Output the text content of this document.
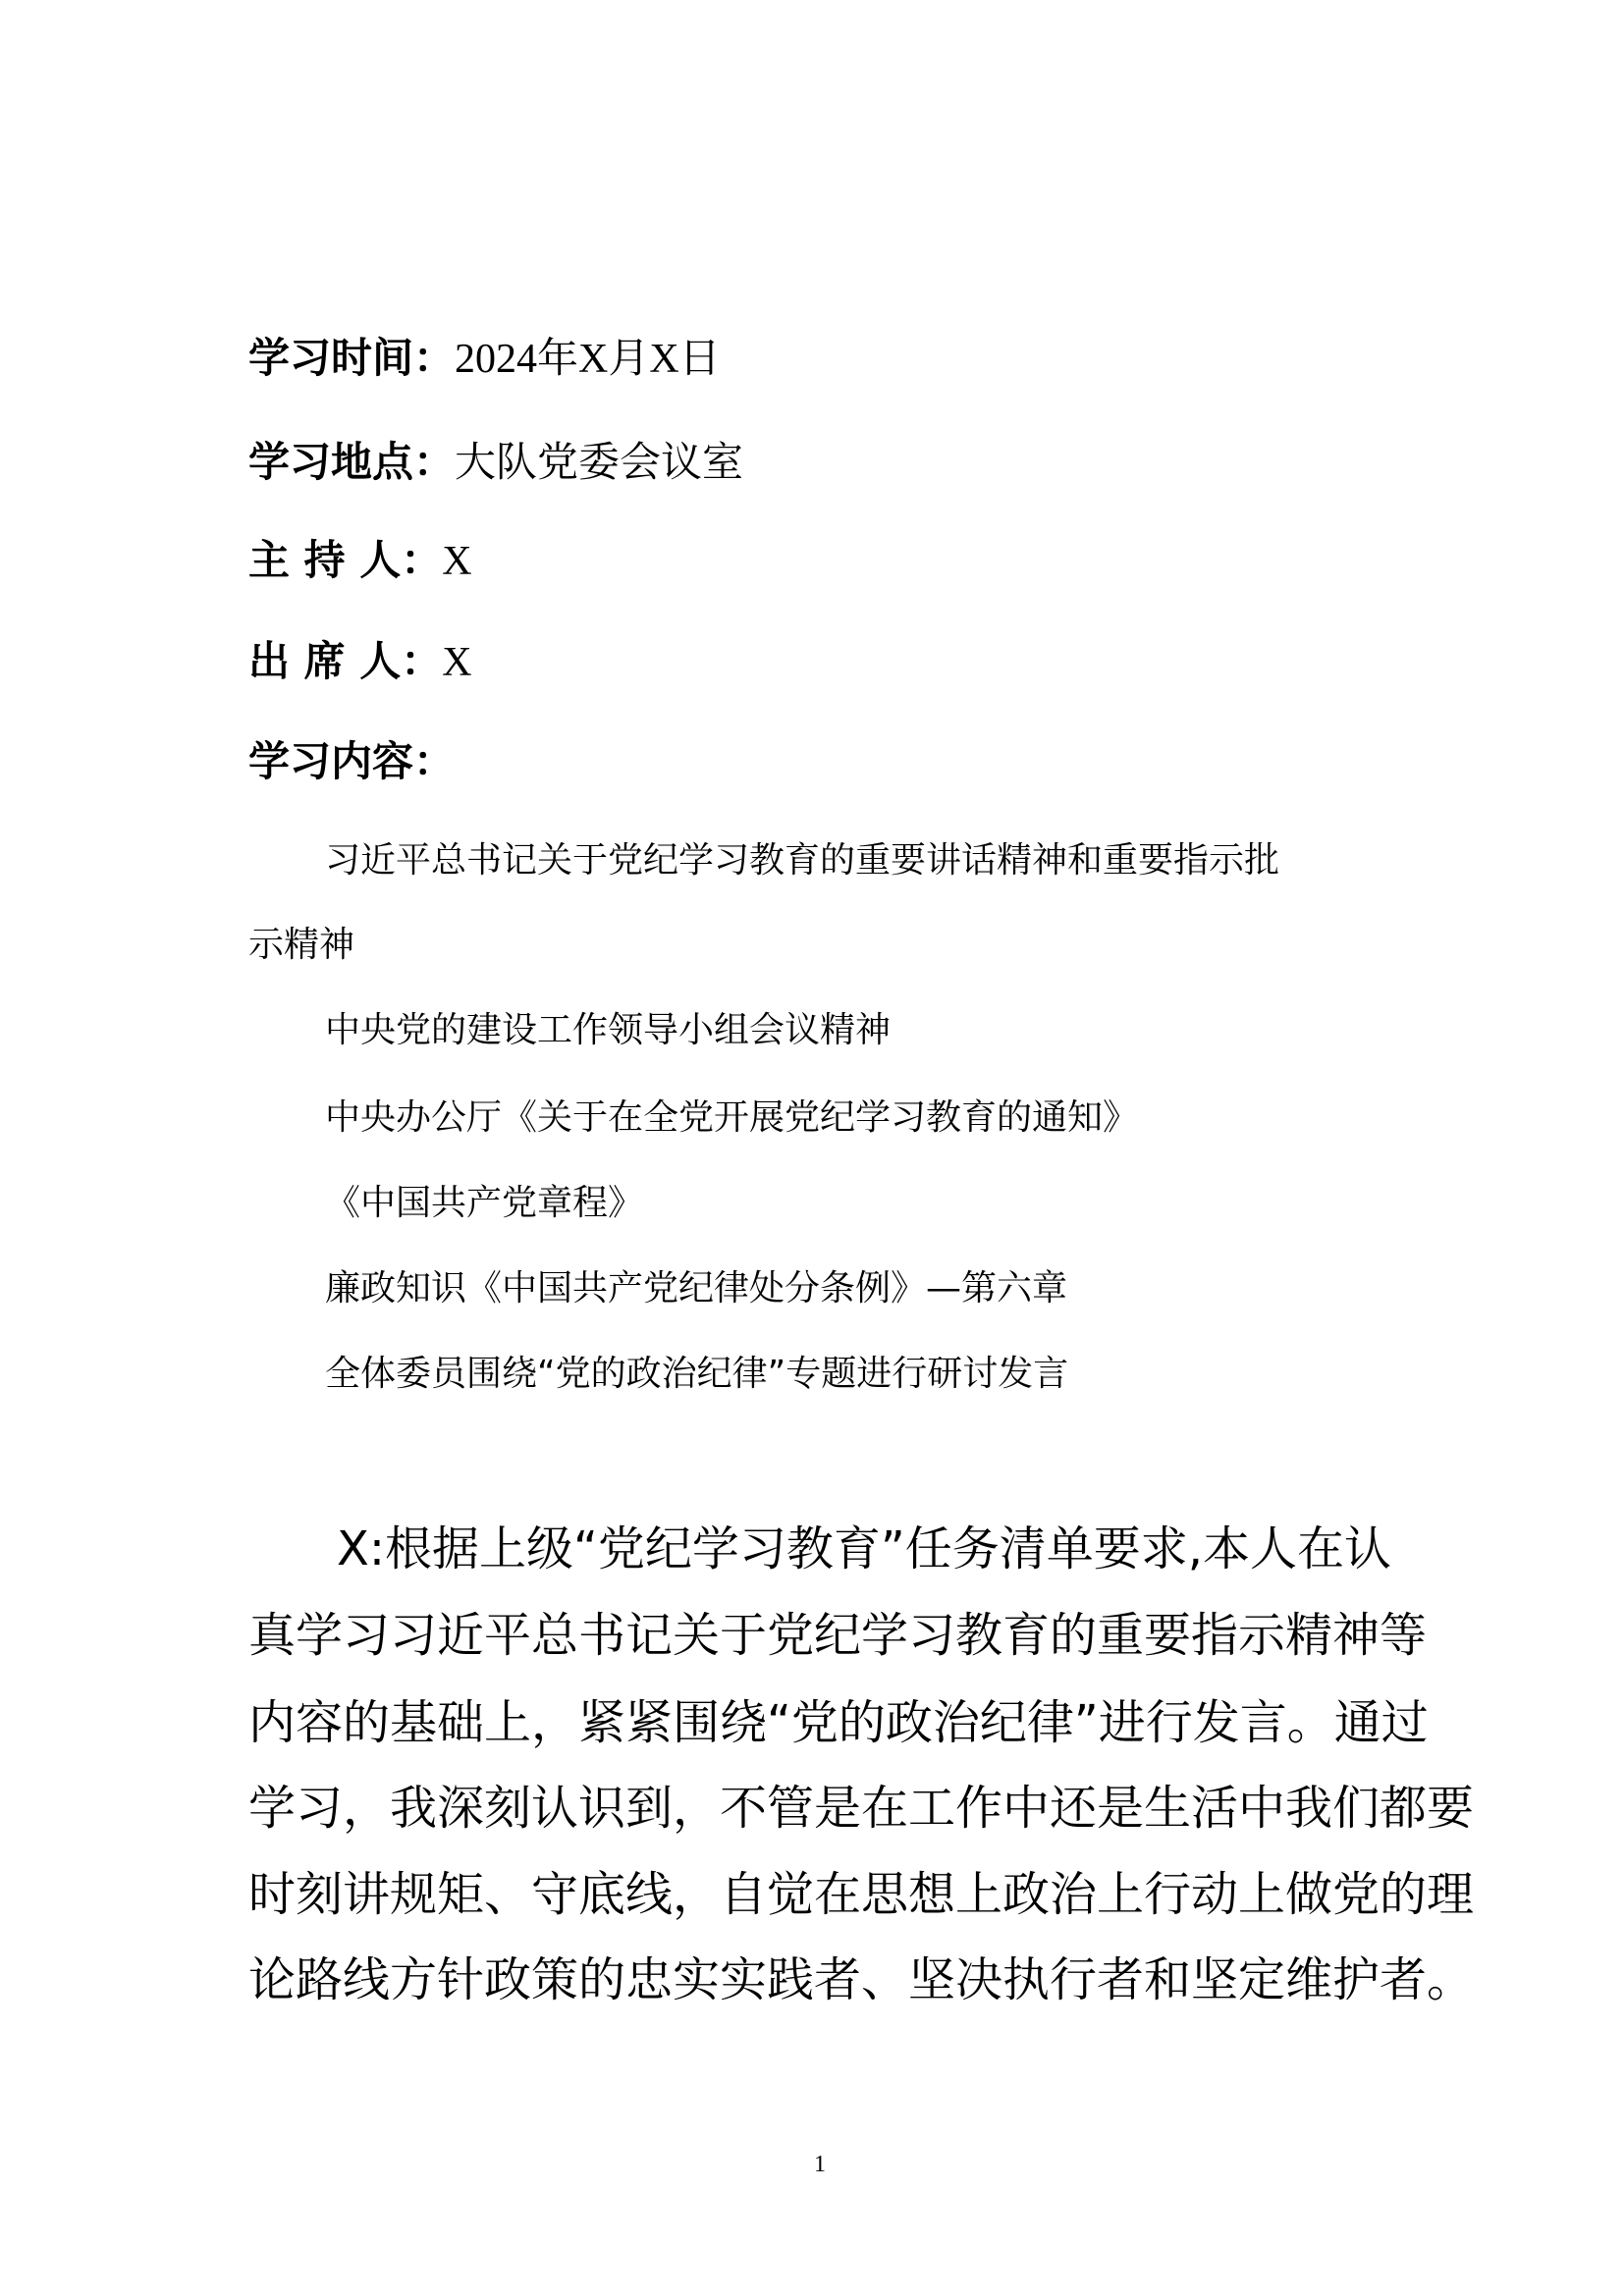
学习时间：2024年X月X日
学习地点：大队党委会议室
主 持 人：X
出 席 人：X
学习内容：
习近平总书记关于党纪学习教育的重要讲话精神和重要指示批
示精神
中央党的建设工作领导小组会议精神
中央办公厅《关于在全党开展党纪学习教育的通知》
《中国共产党章程》
廉政知识《中国共产党纪律处分条例》—第六章
全体委员围绕“党的政治纪律”专题进行研讨发言
X:根据上级“党纪学习教育”任务清单要求,本人在认
真学习习近平总书记关于党纪学习教育的重要指示精神等
内容的基础上，紧紧围绕“党的政治纪律”进行发言。通过
学习，我深刻认识到，不管是在工作中还是生活中我们都要
时刻讲规矩、守底线，自觉在思想上政治上行动上做党的理
论路线方针政策的忠实实践者、坚决执行者和坚定维护者。
1
